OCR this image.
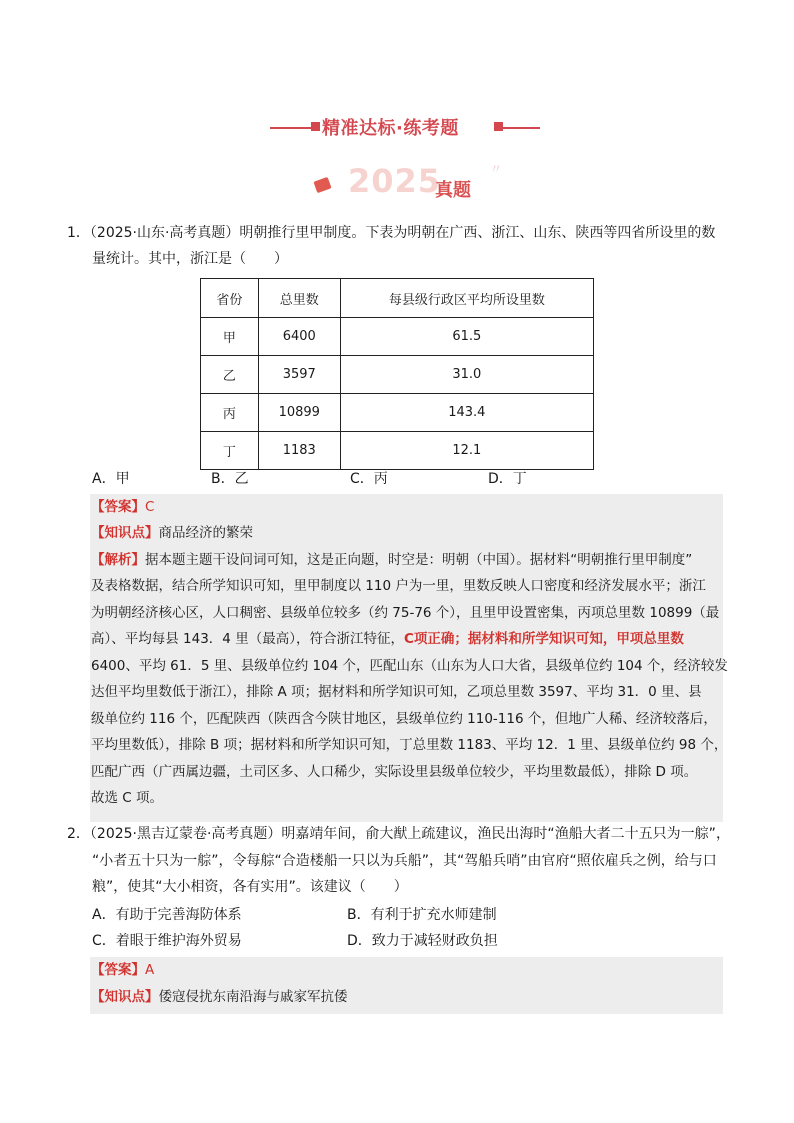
精准达标·练考题
2025
真题
〃
1．（2025·山东·高考真题）明朝推行里甲制度。下表为明朝在广西、浙江、山东、陕西等四省所设里的数
量统计。其中，浙江是（　　）
省份	总里数	每县级行政区平均所设里数
甲	6400	61.5
乙	3597	31.0
丙	10899	143.4
丁	1183	12.1
A．甲	B．乙	C．丙	D．丁
【答案】C
【知识点】商品经济的繁荣
【解析】据本题主题干设问词可知，这是正向题，时空是：明朝（中国）。据材料“明朝推行里甲制度”
及表格数据，结合所学知识可知，里甲制度以 110 户为一里，里数反映人口密度和经济发展水平；浙江
为明朝经济核心区，人口稠密、县级单位较多（约 75-76 个），且里甲设置密集，丙项总里数 10899（最
高）、平均每县 143．4 里（最高），符合浙江特征，C项正确；据材料和所学知识可知，甲项总里数
6400、平均 61．5 里、县级单位约 104 个，匹配山东（山东为人口大省，县级单位约 104 个，经济较发
达但平均里数低于浙江），排除 A 项；据材料和所学知识可知，乙项总里数 3597、平均 31．0 里、县
级单位约 116 个，匹配陕西（陕西含今陕甘地区，县级单位约 110-116 个，但地广人稀、经济较落后，
平均里数低），排除 B 项；据材料和所学知识可知，丁总里数 1183、平均 12．1 里、县级单位约 98 个，
匹配广西（广西属边疆，土司区多、人口稀少，实际设里县级单位较少，平均里数最低），排除 D 项。
故选 C 项。
2．（2025·黑吉辽蒙卷·高考真题）明嘉靖年间，俞大猷上疏建议，渔民出海时“渔船大者二十五只为一䑸”，
“小者五十只为一䑸”，令每䑸“合造楼船一只以为兵船”，其“驾船兵哨”由官府“照依雇兵之例，给与口
粮”，使其“大小相资，各有实用”。该建议（　　）
A．有助于完善海防体系	B．有利于扩充水师建制
C．着眼于维护海外贸易	D．致力于减轻财政负担
【答案】A
【知识点】倭寇侵扰东南沿海与戚家军抗倭
